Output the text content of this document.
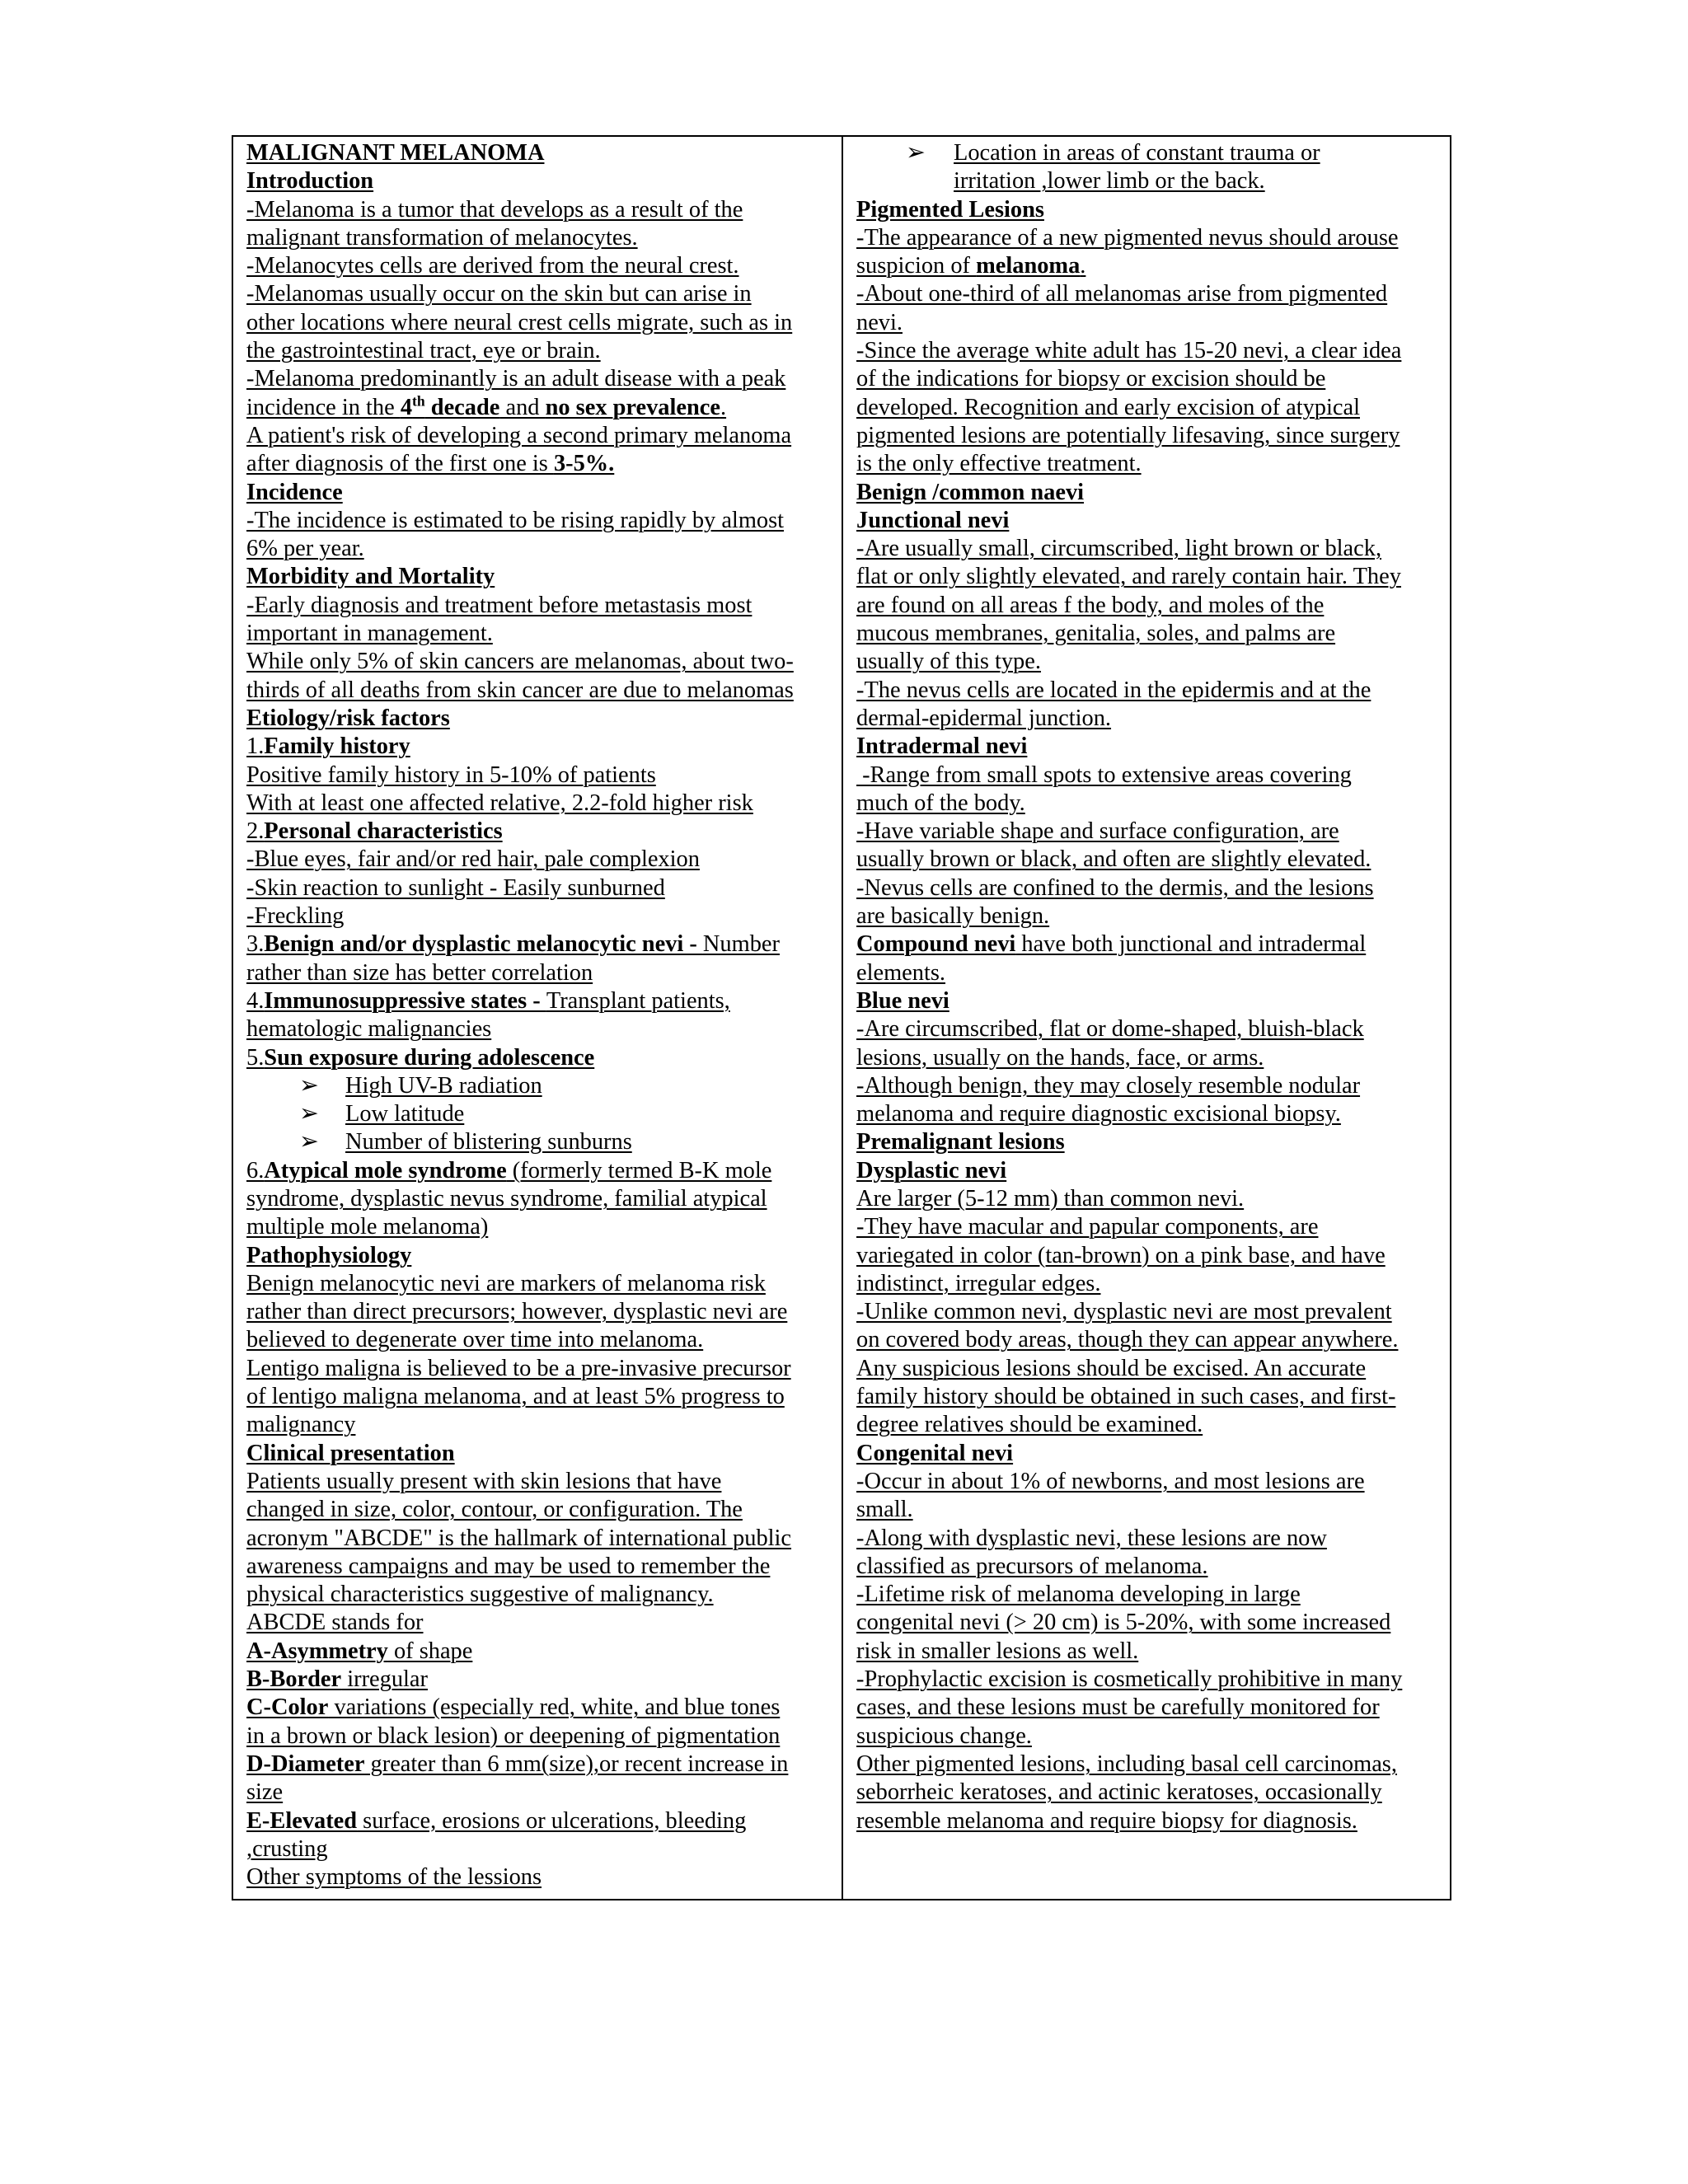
MALIGNANT MELANOMA
Introduction
-Melanoma is a tumor that develops as a result of the
malignant transformation of melanocytes.
-Melanocytes cells are derived from the neural crest.
-Melanomas usually occur on the skin but can arise in
other locations where neural crest cells migrate, such as in
the gastrointestinal tract, eye or brain.
-Melanoma predominantly is an adult disease with a peak
incidence in the 4th decade and no sex prevalence.
A patient's risk of developing a second primary melanoma
after diagnosis of the first one is 3-5%.
Incidence
-The incidence is estimated to be rising rapidly by almost
6% per year.
Morbidity and Mortality
-Early diagnosis and treatment before metastasis most
important in management.
While only 5% of skin cancers are melanomas, about two-
thirds of all deaths from skin cancer are due to melanomas
Etiology/risk factors
1.Family history
Positive family history in 5-10% of patients
With at least one affected relative, 2.2-fold higher risk
2.Personal characteristics
-Blue eyes, fair and/or red hair, pale complexion
-Skin reaction to sunlight - Easily sunburned
-Freckling
3.Benign and/or dysplastic melanocytic nevi - Number
rather than size has better correlation
4.Immunosuppressive states - Transplant patients,
hematologic malignancies
5.Sun exposure during adolescence
➢ High UV-B radiation
➢ Low latitude
➢ Number of blistering sunburns
6.Atypical mole syndrome (formerly termed B-K mole
syndrome, dysplastic nevus syndrome, familial atypical
multiple mole melanoma)
Pathophysiology
Benign melanocytic nevi are markers of melanoma risk
rather than direct precursors; however, dysplastic nevi are
believed to degenerate over time into melanoma.
Lentigo maligna is believed to be a pre-invasive precursor
of lentigo maligna melanoma, and at least 5% progress to
malignancy
Clinical presentation
Patients usually present with skin lesions that have
changed in size, color, contour, or configuration. The
acronym "ABCDE" is the hallmark of international public
awareness campaigns and may be used to remember the
physical characteristics suggestive of malignancy.
ABCDE stands for
A-Asymmetry of shape
B-Border irregular
C-Color variations (especially red, white, and blue tones
in a brown or black lesion) or deepening of pigmentation
D-Diameter greater than 6 mm(size),or recent increase in
size
E-Elevated surface, erosions or ulcerations, bleeding
,crusting
Other symptoms of the lessions
➢ Location in areas of constant trauma or
irritation ,lower limb or the back.
Pigmented Lesions
-The appearance of a new pigmented nevus should arouse
suspicion of melanoma.
-About one-third of all melanomas arise from pigmented
nevi.
-Since the average white adult has 15-20 nevi, a clear idea
of the indications for biopsy or excision should be
developed. Recognition and early excision of atypical
pigmented lesions are potentially lifesaving, since surgery
is the only effective treatment.
Benign /common naevi
Junctional nevi
-Are usually small, circumscribed, light brown or black,
flat or only slightly elevated, and rarely contain hair. They
are found on all areas f the body, and moles of the
mucous membranes, genitalia, soles, and palms are
usually of this type.
-The nevus cells are located in the epidermis and at the
dermal-epidermal junction.
Intradermal nevi
-Range from small spots to extensive areas covering
much of the body.
-Have variable shape and surface configuration, are
usually brown or black, and often are slightly elevated.
-Nevus cells are confined to the dermis, and the lesions
are basically benign.
Compound nevi have both junctional and intradermal
elements.
Blue nevi
-Are circumscribed, flat or dome-shaped, bluish-black
lesions, usually on the hands, face, or arms.
-Although benign, they may closely resemble nodular
melanoma and require diagnostic excisional biopsy.
Premalignant lesions
Dysplastic nevi
Are larger (5-12 mm) than common nevi.
-They have macular and papular components, are
variegated in color (tan-brown) on a pink base, and have
indistinct, irregular edges.
-Unlike common nevi, dysplastic nevi are most prevalent
on covered body areas, though they can appear anywhere.
Any suspicious lesions should be excised. An accurate
family history should be obtained in such cases, and first-
degree relatives should be examined.
Congenital nevi
-Occur in about 1% of newborns, and most lesions are
small.
-Along with dysplastic nevi, these lesions are now
classified as precursors of melanoma.
-Lifetime risk of melanoma developing in large
congenital nevi (> 20 cm) is 5-20%, with some increased
risk in smaller lesions as well.
-Prophylactic excision is cosmetically prohibitive in many
cases, and these lesions must be carefully monitored for
suspicious change.
Other pigmented lesions, including basal cell carcinomas,
seborrheic keratoses, and actinic keratoses, occasionally
resemble melanoma and require biopsy for diagnosis.
